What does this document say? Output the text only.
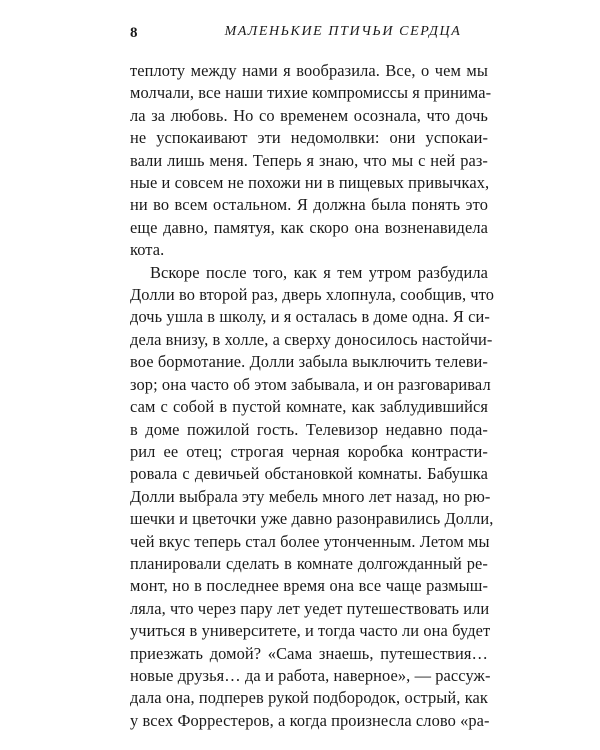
8	МАЛЕНЬКИЕ ПТИЧЬИ СЕРДЦА
теплоту между нами я вообразила. Все, о чем мы
молчали, все наши тихие компромиссы я принима-
ла за любовь. Но со временем осознала, что дочь
не успокаивают эти недомолвки: они успокаи-
вали лишь меня. Теперь я знаю, что мы с ней раз-
ные и совсем не похожи ни в пищевых привычках,
ни во всем остальном. Я должна была понять это
еще давно, памятуя, как скоро она возненавидела
кота.
Вскоре после того, как я тем утром разбудила
Долли во второй раз, дверь хлопнула, сообщив, что
дочь ушла в школу, и я осталась в доме одна. Я си-
дела внизу, в холле, а сверху доносилось настойчи-
вое бормотание. Долли забыла выключить телеви-
зор; она часто об этом забывала, и он разговаривал
сам с собой в пустой комнате, как заблудившийся
в доме пожилой гость. Телевизор недавно пода-
рил ее отец; строгая черная коробка контрасти-
ровала с девичьей обстановкой комнаты. Бабушка
Долли выбрала эту мебель много лет назад, но рю-
шечки и цветочки уже давно разонравились Долли,
чей вкус теперь стал более утонченным. Летом мы
планировали сделать в комнате долгожданный ре-
монт, но в последнее время она все чаще размыш-
ляла, что через пару лет уедет путешествовать или
учиться в университете, и тогда часто ли она будет
приезжать домой? «Сама знаешь, путешествия…
новые друзья… да и работа, наверное», — рассуж-
дала она, подперев рукой подбородок, острый, как
у всех Форрестеров, а когда произнесла слово «ра-
